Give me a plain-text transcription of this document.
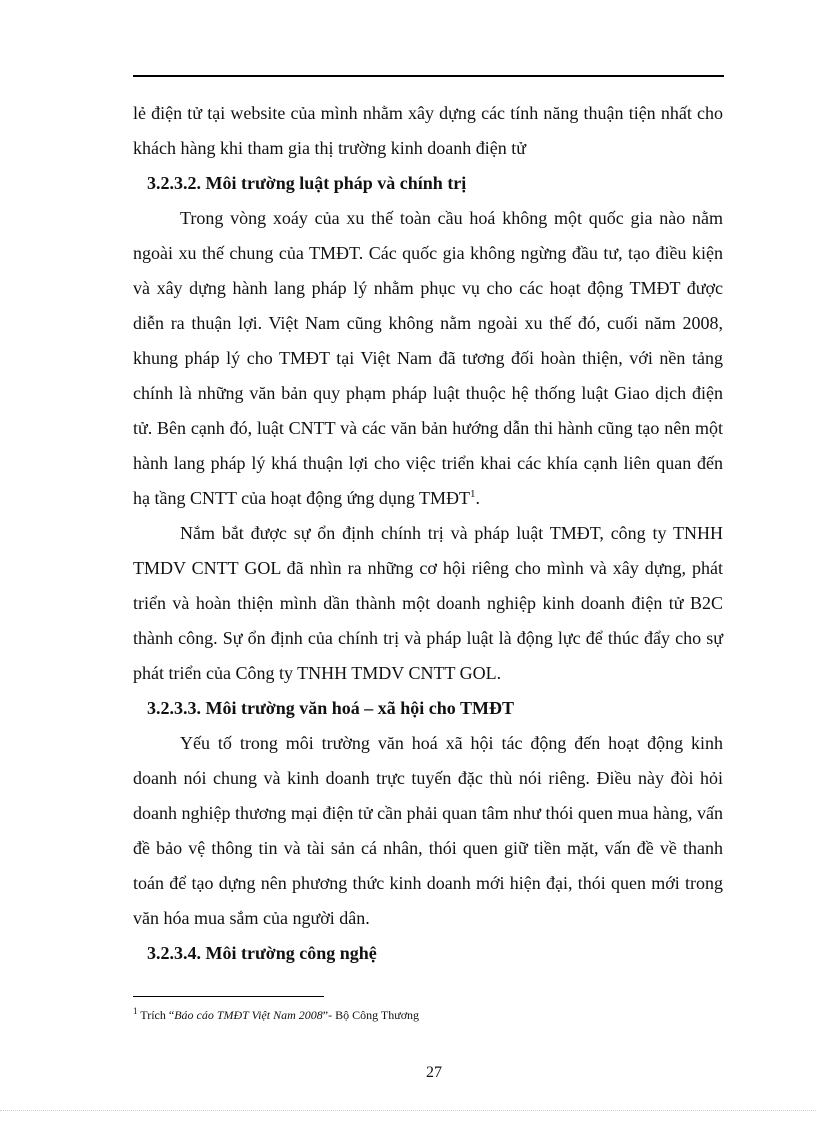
lẻ điện tử tại website của mình nhằm xây dựng các tính năng thuận tiện nhất cho khách hàng khi tham gia thị trường kinh doanh điện tử

3.2.3.2. Môi trường luật pháp và chính trị

Trong vòng xoáy của xu thế toàn cầu hoá không một quốc gia nào nằm ngoài xu thế chung của TMĐT. Các quốc gia không ngừng đầu tư, tạo điều kiện và xây dựng hành lang pháp lý nhằm phục vụ cho các hoạt động TMĐT được diễn ra thuận lợi. Việt Nam cũng không nằm ngoài xu thế đó, cuối năm 2008, khung pháp lý cho TMĐT tại Việt Nam đã tương đối hoàn thiện, với nền tảng chính là những văn bản quy phạm pháp luật thuộc hệ thống luật Giao dịch điện tử. Bên cạnh đó, luật CNTT và các văn bản hướng dẫn thi hành cũng tạo nên một hành lang pháp lý khá thuận lợi cho việc triển khai các khía cạnh liên quan đến hạ tầng CNTT của hoạt động ứng dụng TMĐT$^1$.

Nắm bắt được sự ổn định chính trị và pháp luật TMĐT, công ty TNHH TMDV CNTT GOL đã nhìn ra những cơ hội riêng cho mình và xây dựng, phát triển và hoàn thiện mình dần thành một doanh nghiệp kinh doanh điện tử B2C thành công. Sự ổn định của chính trị và pháp luật là động lực để thúc đẩy cho sự phát triển của Công ty TNHH TMDV CNTT GOL.

3.2.3.3. Môi trường văn hoá – xã hội cho TMĐT

Yếu tố trong môi trường văn hoá xã hội tác động đến hoạt động kinh doanh nói chung và kinh doanh trực tuyến đặc thù nói riêng. Điều này đòi hỏi doanh nghiệp thương mại điện tử cần phải quan tâm như thói quen mua hàng, vấn đề bảo vệ thông tin và tài sản cá nhân, thói quen giữ tiền mặt, vấn đề về thanh toán để tạo dựng nên phương thức kinh doanh mới hiện đại, thói quen mới trong văn hóa mua sắm của người dân.

3.2.3.4. Môi trường công nghệ

$^1$ Trích “Báo cáo TMĐT Việt Nam 2008”- Bộ Công Thương
27
